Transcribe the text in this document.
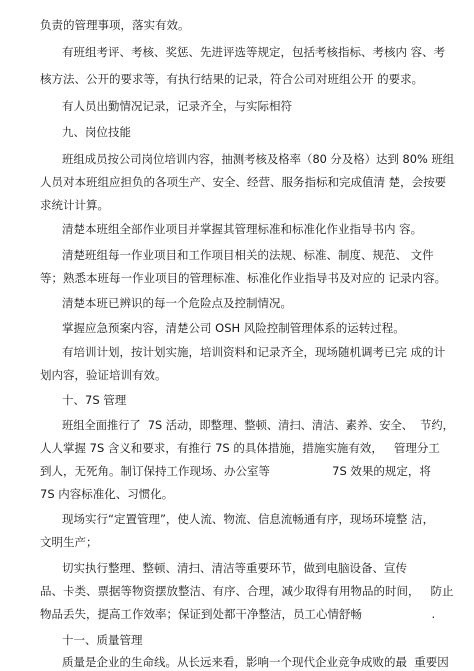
负责的管理事项，落实有效。
有班组考评、考核、奖惩、先进评选等规定，包括考核指标、考核内 容、考
核方法、公开的要求等，有执行结果的记录，符合公司对班组公开 的要求。
有人员出勤情况记录，记录齐全，与实际相符
九、岗位技能
班组成员按公司岗位培训内容，抽测考核及格率（80 分及格）达到 80% 班组
人员对本班组应担负的各项生产、安全、经营、服务指标和完成值清 楚，会按要
求统计计算。
清楚本班组全部作业项目并掌握其管理标准和标准化作业指导书内 容。
清楚班组每一作业项目和工作项目相关的法规、标准、制度、规范、 文件
等；熟悉本班每一作业项目的管理标准、标准化作业指导书及对应的 记录内容。
清楚本班已辨识的每一个危险点及控制情况。
掌握应急预案内容，清楚公司 OSH 风险控制管理体系的运转过程。
有培训计划，按计划实施，培训资料和记录齐全，现场随机调考已完 成的计
划内容，验证培训有效。
十、7S 管理
班组全面推行了  7S 活动，即整理、整顿、清扫、清洁、素养、安全、  节约，
人人掌握 7S 含义和要求，有推行 7S 的具体措施，措施实施有效，   管理分工
到人，无死角。制订保持工作现场、办公室等                 7S 效果的规定，将
7S 内容标准化、习惯化。
现场实行“定置管理”，使人流、物流、信息流畅通有序，现场环境整 洁，
文明生产；
切实执行整理、整顿、清扫、清洁等重要环节，做到电脑设备、宣传
品、卡类、票据等物资摆放整洁、有序、合理，减少取得有用物品的时间，   防止
物品丢失，提高工作效率；保证到处都干净整洁，员工心情舒畅                   .
十一、质量管理
质量是企业的生命线。从长远来看，影响一个现代企业竞争成败的最  重要因
